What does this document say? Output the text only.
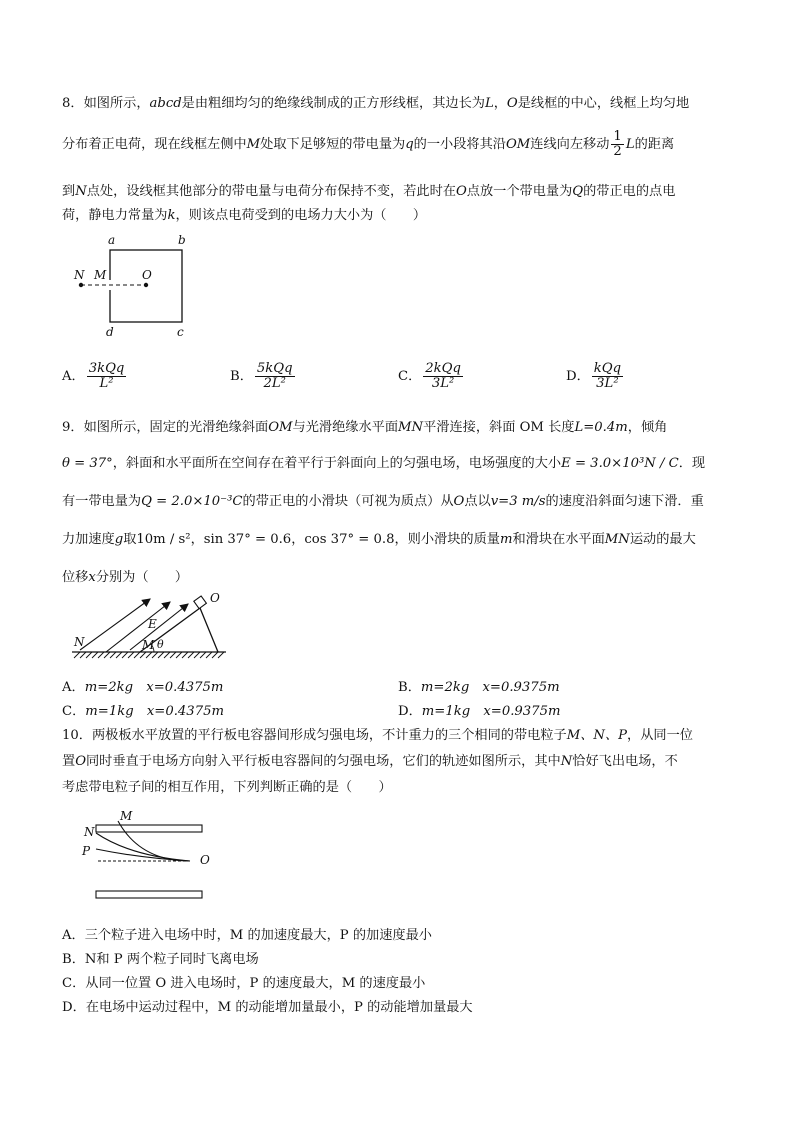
8．如图所示，abcd是由粗细均匀的绝缘线制成的正方形线框，其边长为L，O是线框的中心，线框上均匀地
分布着正电荷，现在线框左侧中M处取下足够短的带电量为q的一小段将其沿OM连线向左移动 $\frac{1}{2}$ L的距离
到N点处，设线框其他部分的带电量与电荷分布保持不变，若此时在O点放一个带电量为Q的带正电的点电
荷，静电力常量为k，则该点电荷受到的电场力大小为（　　）
a	b
d	c
N M	O
A． $\frac{\text{3kQq}}{\text{L²}}$	B． $\frac{\text{5kQq}}{\text{2L²}}$	C． $\frac{\text{2kQq}}{\text{3L²}}$	D． $\frac{\text{kQq}}{\text{3L²}}$
9．如图所示，固定的光滑绝缘斜面OM与光滑绝缘水平面MN平滑连接，斜面 OM 长度L=0.4m，倾角
θ = 37°，斜面和水平面所在空间存在着平行于斜面向上的匀强电场，电场强度的大小E = 3.0×10³N / C．现
有一带电量为Q = 2.0×10⁻³C的带正电的小滑块（可视为质点）从O点以v=3 m/s的速度沿斜面匀速下滑．重
力加速度g取10m / s²，sin 37° = 0.6，cos 37° = 0.8，则小滑块的质量m和滑块在水平面MN运动的最大
位移x分别为（　　）
O
E
N	M θ
A．m=2kg　x=0.4375m	B．m=2kg　x=0.9375m
C．m=1kg　x=0.4375m	D．m=1kg　x=0.9375m
10．两极板水平放置的平行板电容器间形成匀强电场，不计重力的三个相同的带电粒子M、N、P，从同一位
置O同时垂直于电场方向射入平行板电容器间的匀强电场，它们的轨迹如图所示，其中N恰好飞出电场，不
考虑带电粒子间的相互作用，下列判断正确的是（　　）
M
N
P
O
A．三个粒子进入电场中时，M 的加速度最大，P 的加速度最小
B．N和 P 两个粒子同时飞离电场
C．从同一位置 O 进入电场时，P 的速度最大，M 的速度最小
D．在电场中运动过程中，M 的动能增加量最小，P 的动能增加量最大
